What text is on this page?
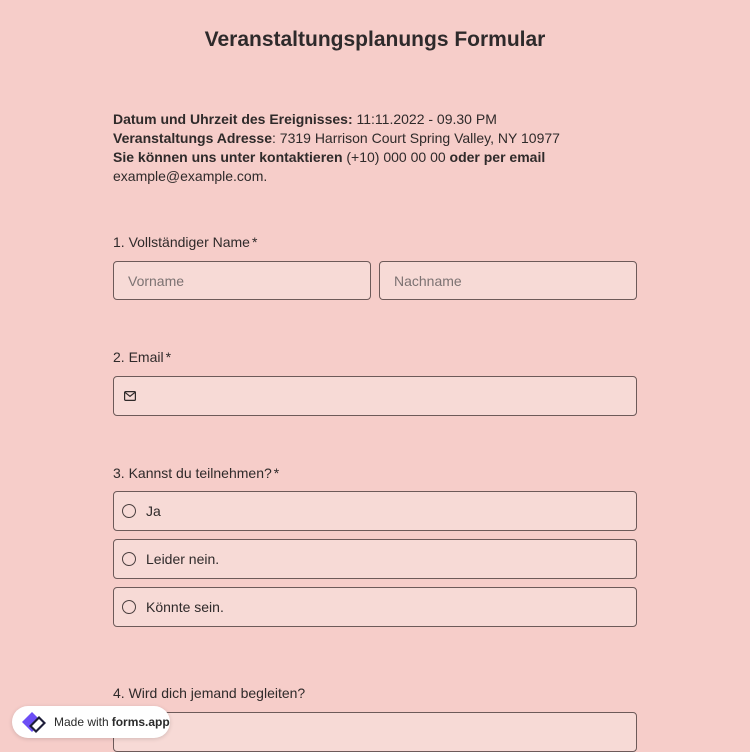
Veranstaltungsplanungs Formular
Datum und Uhrzeit des Ereignisses: 11:11.2022 - 09.30 PM
Veranstaltungs Adresse: 7319 Harrison Court Spring Valley, NY 10977
Sie können uns unter kontaktieren (+10) 000 00 00 oder per email
example@example.com.
1. Vollständiger Name *
Vorname	Nachname
2. Email *
3. Kannst du teilnehmen? *
Ja
Leider nein.
Könnte sein.
4. Wird dich jemand begleiten?
Made with forms.app
